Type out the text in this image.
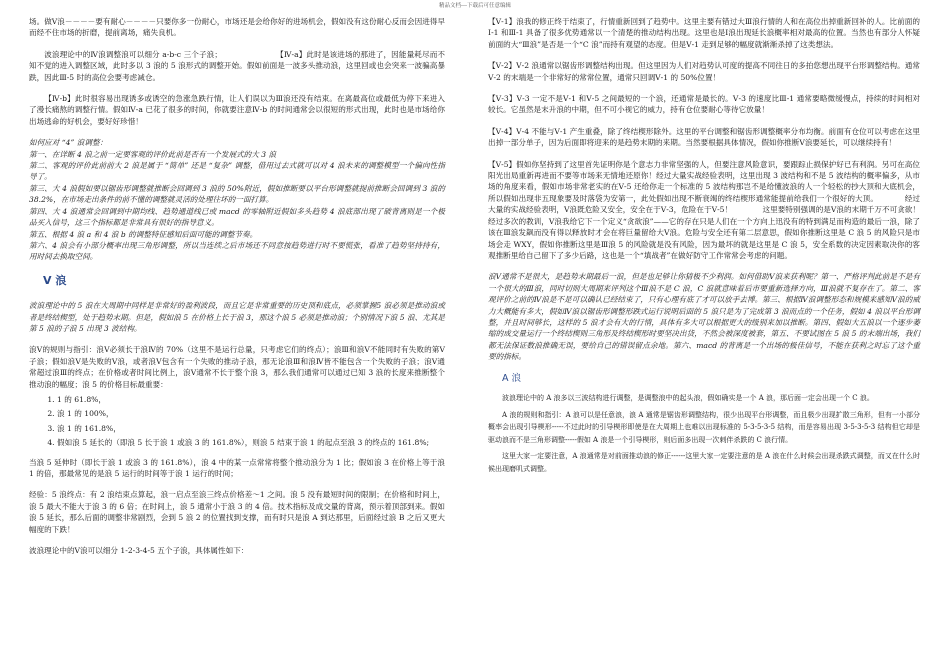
精品文档---下载后可任意编辑

场。做Ⅴ浪－－－－要有耐心－－－－只要你多一份耐心，市场还是会给你好的进场机会，假如没有这份耐心反而会因进得早而经不住市场的折磨，提前离场，痛失良机。

波浪理论中的Ⅳ浪调整浪可以细分 a-b-c 三个子浪；　　　　　　　　【Ⅳ-a】此时是该进场的那进了，因能量耗尽而不知不觉的进入调整区域，此时多以 3 浪的 5 浪形式的调整开始。假如前面是一波多头推动浪，这里回或也会突来一波骗高暴跌，因此Ⅲ-5 时的高位会要考虑减仓。

【Ⅳ-b】此时很容易出现诱多或诱空的急涨急跌行情，让人们误以为Ⅲ浪还没有结束。在离最高位或最低为停下来进入了漫长痛熬的调整行情。假如Ⅳ-a 已花了很多的时间，你就要注意Ⅳ-b 的时间通常会以很短的形式出现，此时也是市场给你出场逃命的好机会，要好好珍惜！

如何应对 “4” 浪调整：

第一、在详断 4 浪之前一定要客观的评价此前是否有一个发展式的大 3 浪

第二、客观的评价此前前大 2 浪是属于 “简单” 还是 “复杂” 调整，借用过去式就可以对 4 浪未来的调整模型一个偏向性指导了。

第三、大 4 浪假如要以锯齿形调整就推断会回调到 3 浪的 50%附近，假如推断要以平台形调整就提前推断会回调到 3 浪的 38.2%，在市场走出条件的前不懂的调整就灵活的处理往坏的一面打算。

第四、大 4 浪通常会回调到中期均线、趋势通道线已或 macd 的零轴附近假如多头趋势 4 浪底部出现了破背离则是一个极品买入信号，这三个指标都是非常具有很好的指导意义。

第五、根据 4 浪 a 和 4 浪 b 的调整特征感知后面可能的调整节奏。

第六、4 浪会有小部分概率出现三角形调整，所以当连续之后市场还不同意按趋势进行时不要慌张，看准了趋势坚持持有，用时间去换取空间。

V 浪

波浪理论中的 5 浪在大周期中同样是非常好的盈利波段，而且它是非常重要的历史顶和底点，必须掌握5 浪必须是推动浪或者是终结楔型，处于趋势末期。但是，假如浪 5 在价格上长于浪 3，那这个浪 5 必须是推动浪；个别情况下浪 5 浪、尤其是第 5 浪的子浪 5 出现 3 波结构。

浪Ⅴ的规则与指引：浪Ⅴ必须长于浪Ⅳ的 70%（这里不是运行总量，只考虑它们的终点）；浪Ⅲ和浪Ⅴ不能同时有失败的第Ⅴ子浪；假如浪Ⅴ是失败的Ⅴ浪，或者浪Ⅴ包含有一个失败的推动子浪，那无论浪Ⅲ和浪Ⅳ皆不能包含一个失败的子浪；浪Ⅴ通常超过浪Ⅲ的终点；在价格或者时间比例上，浪Ⅴ通常不长于整个浪 3，那么我们通常可以通过已知 3 浪的长度来推断整个推动浪的幅度；浪 5 的价格目标最重要：

1. 1 的 61.8%，
2. 浪 1 的 100%，
3. 浪 1 的 161.8%，
4. 假如浪 5 延长的（即浪 5 长于浪 1 或浪 3 的 161.8%），则浪 5 结束于浪 1 的起点至浪 3 的终点的 161.8%;

当浪 5 延伸时（即长于浪 1 或浪 3 的 161.8%），浪 4 中的某一点常常将整个推动浪分为 1 比；假如浪 3 在价格上等于浪 1 的倍，那最常见的是浪 5 运行的时间等于浪 1 运行的时间；

经验：5 浪终点：有 2 浪结束点算起，浪一启点至浪三终点价格差～1 之间。浪 5 没有最短时间的限制；在价格和时间上，浪 5 最大不能大于浪 3 的 6 倍；在时间上，浪 5 通常小于浪 3 的 4 倍。技术指标及成交量的背离，预示着顶部到来。假如浪 5 延长，那么后面的调整非常剧烈，会到 5 浪 2 的位置找到支撑，而有时只是浪 A 到达那里，后面经过浪 B 之后又更大幅度的下跌！

波浪理论中的Ⅴ浪可以细分 1-2-3-4-5 五个子浪，具体属性如下：

【Ⅴ-1】浪我的修正终于结束了，行情重新回到了趋势中。这里主要有错过大Ⅲ浪行情的人和在高位出掉重新回补的人。比前面的Ⅰ-1 和Ⅲ-1 具备了很多优势通常以一个清楚的推动结构出现。这里也是Ⅰ浪出现延长浪概率相对最高的位置。当然也有部分人怀疑前面的大“Ⅲ浪”是否是一个“C 浪”而持有观望的态度。但是Ⅴ-1 走到足够的幅度就渐渐杀掉了这类想法。

【Ⅴ-2】Ⅴ-2 浪通常以锯齿形调整结构出现。但这里因为人们对趋势认可度的提高不同往日的多拍您想出现平台形调整结构。通常Ⅴ-2 的末端是一个非常好的常常位置，通常只回调Ⅴ-1 的 50%位置！

【Ⅴ-3】Ⅴ-3 一定不是Ⅴ-1 和Ⅴ-5 之间最短的一个浪，还通常是最长的。Ⅴ-3 的速度比Ⅲ-1 通常要略微缓慢点，持续的时间相对较长。它虽然是末升浪的中期，但不可小视它的威力，持有仓位要耐心等待它放量！

【Ⅴ-4】Ⅴ-4 不能与Ⅴ-1 产生重叠，除了终结楔形除外。这里的平台调整和锯齿形调整概率分布均衡。前面有仓位可以考虑在这里出掉一部分单子，因为后面即将迎来的是趋势末期的来期。当然要根据具体情况，假如你推断Ⅴ浪要延长，可以继续持有！

【Ⅴ-5】假如你坚持到了这里首先证明你是个意志力非常坚强的人，但要注意风险意识，要跟踪止损保护好已有利润。另可在高位阳光出局重新再进而不要等市场来无情地还原你！经过大量实战经验表明，这里出现 3 波结构和不是 5 波结构的概率偏多，从市场的角度来看，假如市场非常老实的在Ⅴ-5 还给你走一个标准的 5 波结构那岂不是给懂波浪的人一个轻松的抄大顶和大底机会，所以假如出现非五现象要及时落袋为安第一，此处假如出现不断衰竭的终结楔形通常能提前给我们一个很好的大顶。　　　　经过大量的实战经验表明，Ⅴ浪既危险又安全，安全在于Ⅴ-3，危险在于Ⅴ-5！　　　　这里要特别强调的是Ⅴ浪的末期千万不可贪欲！经过多次的教训，Ⅴ浪我给它下一个定义“贪欲浪”——它的存在只是人们在一个方向上迅没有的特到满足而构造的最后一浪，除了该在Ⅲ浪发飙而没有得以释放时才会在将巨量留给大Ⅴ浪。危险与安全还有第二层意思，假如你推断这里是 C 浪 5 的风险只是市场会走 WXY，假如你推断这里是Ⅲ浪 5 的风险就是没有风险，因为最坏的就是这里是 C 浪 5，安全系数的决定因素取决你的客观推断里给自己留下了多少后路，这也是一个“填战者”在做好防守工作常常会考虑的问题。

浪Ⅴ通常不是很大，是趋势末期最后一浪，但是也足够让你猜极不少利润。如何借助Ⅴ浪来获利呢？第一、严格评判此前是不是有一个很大的Ⅲ浪，同时切则大周期来评判这个Ⅲ浪不是 C 浪，C 浪就意味着后市要重新选择方向，Ⅲ浪就不复存在了。第二、客观评价之前的Ⅳ浪是不是可以确认已经结束了，只有心理有底了才可以放手去博。第三、根据Ⅳ浪调整形态和规模来感知Ⅴ浪的威力大概能有多大，假如Ⅳ浪以锯齿形调整形跌式运行说明后面的 5 浪只是为了完成第 3 浪而点的一个任务，假如 4 浪以平台形调整，并且时间够长，这样的 5 浪才会有大的行情，具体有多大可以根据更大的级别来加以推断。第四、假如大五浪以一个逐步萎缩的成交量运行一个终结楔则三角形及终结楔形时要坚决出货，不然会被深度被套，第五、不要试图在 5 浪 5 的末端出场，我们都无法保证数浪推确无误，要给自己的错误留点余地。第六、macd 的背离是一个出场的极佳信号，不能在获利之时忘了这个重要的指标。

A 浪

波浪理论中的 A 浪多以三波结构进行调整，是调整浪中的起头浪，假如确实是一个 A 浪，那后面一定会出现一个 C 浪。

A 浪的规则和指引：A 浪可以是任意浪，浪 A 通常是锯齿形调整结构，很少出现平台形调整，而且极少出现扩散三角形，但有一小部分概率会出现引导楔形-----不过此时的引导楔形即使是在大周期上也难以出现标准的 5-3-5-3-5 结构，而是容易出现 3-5-3-5-3 结构但它却是驱动浪而不是三角形调整-----假如 A 浪是一个引导楔形，则后面多出现一次刺伴杀跌的 C 浪行情。

这里大家一定要注意，A 浪通常是对前面推动浪的修正------这里大家一定要注意的是 A 浪在什么时候会出现杀跌式调整，而又在什么时候出现磨叽式调整。
